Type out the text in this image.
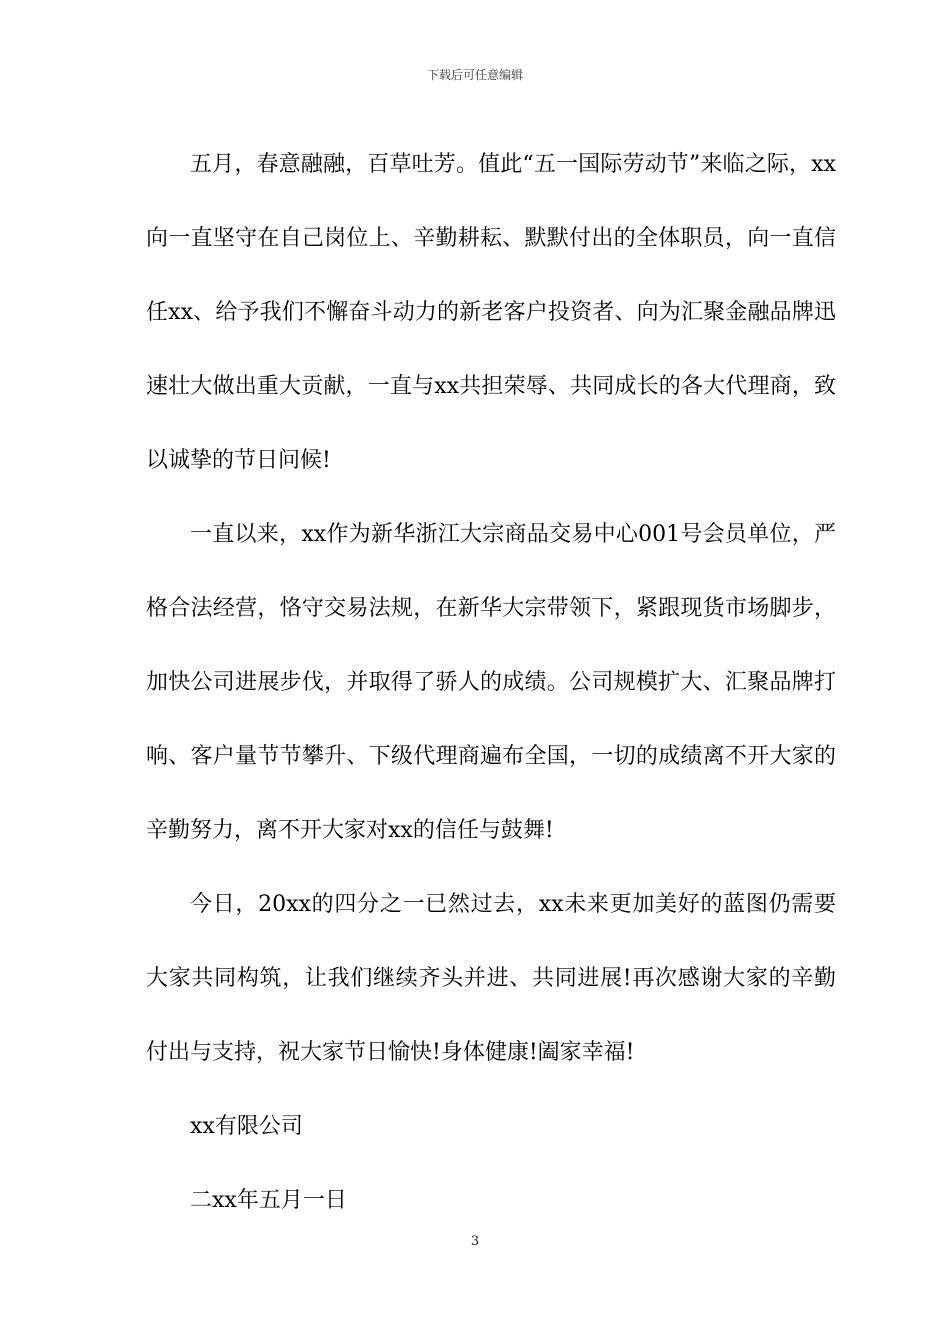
下载后可任意编辑

五月，春意融融，百草吐芳。值此“五一国际劳动节”来临之际，xx向一直坚守在自己岗位上、辛勤耕耘、默默付出的全体职员，向一直信任xx、给予我们不懈奋斗动力的新老客户投资者、向为汇聚金融品牌迅速壮大做出重大贡献，一直与xx共担荣辱、共同成长的各大代理商，致以诚挚的节日问候!

一直以来，xx作为新华浙江大宗商品交易中心001号会员单位，严格合法经营，恪守交易法规，在新华大宗带领下，紧跟现货市场脚步，加快公司进展步伐，并取得了骄人的成绩。公司规模扩大、汇聚品牌打响、客户量节节攀升、下级代理商遍布全国，一切的成绩离不开大家的辛勤努力，离不开大家对xx的信任与鼓舞!

今日，20xx的四分之一已然过去，xx未来更加美好的蓝图仍需要大家共同构筑，让我们继续齐头并进、共同进展!再次感谢大家的辛勤付出与支持，祝大家节日愉快!身体健康!阖家幸福!

xx有限公司

二xx年五月一日

3
